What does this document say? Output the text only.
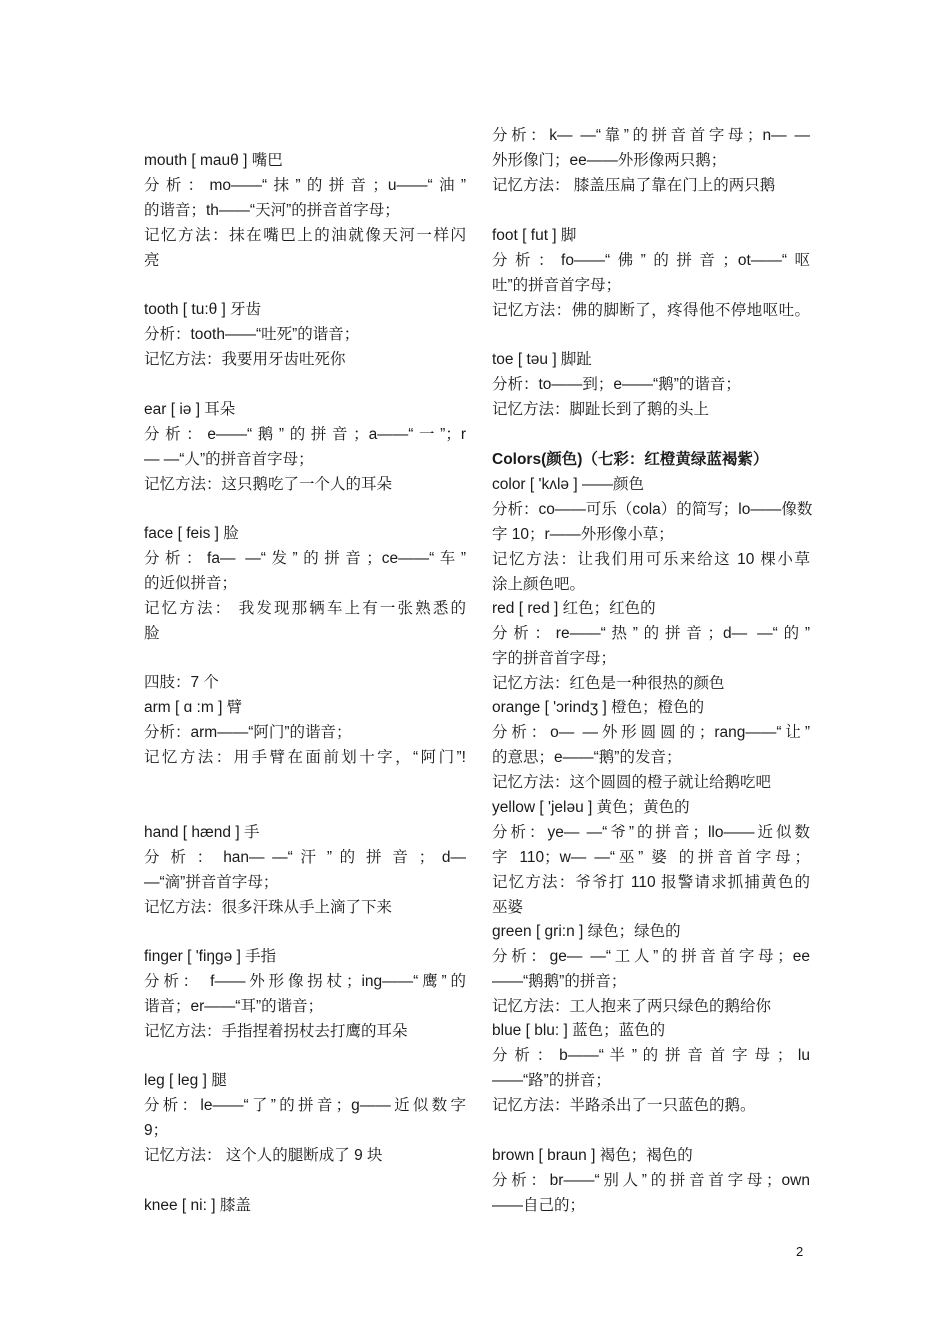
mouth [ mauθ ] 嘴巴
分析：mo——“抹”的拼音；u——“油”
的谐音；th——“天河”的拼音首字母；
记忆方法：抹在嘴巴上的油就像天河一样闪
亮
tooth [ tu:θ ] 牙齿
分析：tooth——“吐死”的谐音；
记忆方法：我要用牙齿吐死你
ear [ iə ] 耳朵
分析：e——“鹅”的拼音；a——“一”；r
— —“人”的拼音首字母；
记忆方法：这只鹅吃了一个人的耳朵
face [ feis ] 脸
分析：fa— —“发”的拼音；ce——“车”
的近似拼音；
记忆方法： 我发现那辆车上有一张熟悉的
脸
四肢：7 个
arm [ ɑ :m ] 臂
分析：arm——“阿门”的谐音；
记忆方法：用手臂在面前划十字，“阿门”!
hand [ hænd ] 手
分 析 ： han— —“ 汗 ” 的 拼 音 ； d—
—“滴”拼音首字母；
记忆方法：很多汗珠从手上滴了下来
finger [ 'fiŋgə ] 手指
分析： f——外形像拐杖；ing——“鹰”的
谐音；er——“耳”的谐音；
记忆方法：手指捏着拐杖去打鹰的耳朵
leg [ leg ] 腿
分析：le——“了”的拼音；g——近似数字
9；
记忆方法： 这个人的腿断成了 9 块
knee [ ni: ] 膝盖
分析：k— —“靠”的拼音首字母；n— —
外形像门；ee——外形像两只鹅；
记忆方法： 膝盖压扁了靠在门上的两只鹅
foot [ fut ] 脚
分析：fo——“佛”的拼音；ot——“呕
吐”的拼音首字母；
记忆方法：佛的脚断了，疼得他不停地呕吐。
toe [ təu ] 脚趾
分析：to——到；e——“鹅”的谐音；
记忆方法：脚趾长到了鹅的头上
Colors(颜色)（七彩：红橙黄绿蓝褐紫）
color [ 'kʌlə ] ——颜色
分析：co——可乐（cola）的简写；lo——像数
字 10；r——外形像小草；
记忆方法：让我们用可乐来给这 10 棵小草
涂上颜色吧。
red [ red ] 红色；红色的
分析：re——“热”的拼音；d— —“的”
字的拼音首字母；
记忆方法：红色是一种很热的颜色
orange [ 'ɔrindʒ ] 橙色；橙色的
分析：o— —外形圆圆的；rang——“让”
的意思；e——“鹅”的发音；
记忆方法：这个圆圆的橙子就让给鹅吃吧
yellow [ 'jeləu ] 黄色；黄色的
分析：ye— —“爷”的拼音；llo——近似数
字 110；w— —“巫” 婆 的拼音首字母；
记忆方法：爷爷打 110 报警请求抓捕黄色的
巫婆
green [ gri:n ] 绿色；绿色的
分析：ge— —“工人”的拼音首字母；ee
——“鹅鹅”的拼音；
记忆方法：工人抱来了两只绿色的鹅给你
blue [ blu: ] 蓝色；蓝色的
分 析 ： b——“ 半 ” 的 拼 音 首 字 母 ； lu
——“路”的拼音；
记忆方法：半路杀出了一只蓝色的鹅。
brown [ braun ] 褐色；褐色的
分析：br——“别人”的拼音首字母；own
——自己的；
2
